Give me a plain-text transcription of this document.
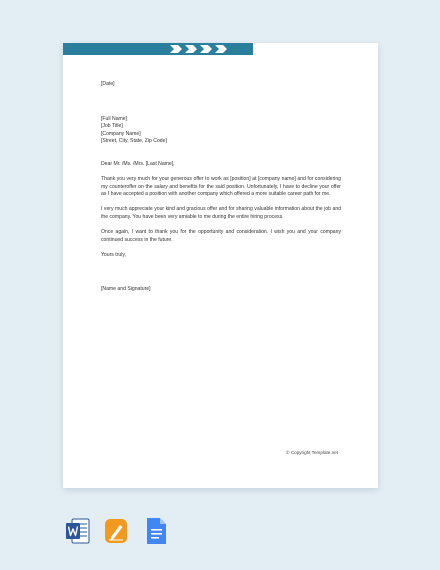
[Date]

[Full Name]

[Job Title]

[Company Name]

[Street, City, State, Zip Code]

Dear Mr. /Ms. /Mrs. [Last Name],

Thank you very much for your generous offer to work as [position] at [company name] and for considering my counteroffer on the salary and benefits for the said position. Unfortunately, I have to decline your offer as I have accepted a position with another company which offered a more suitable career path for me.

I very much appreciate your kind and gracious offer and for sharing valuable information about the job and the company. You have been very amiable to me during the entire hiring process.

Once again, I want to thank you for the opportunity and consideration. I wish you and your company continued success in the future.

Yours truly,

[Name and Signature]

© Copyright Template.net
